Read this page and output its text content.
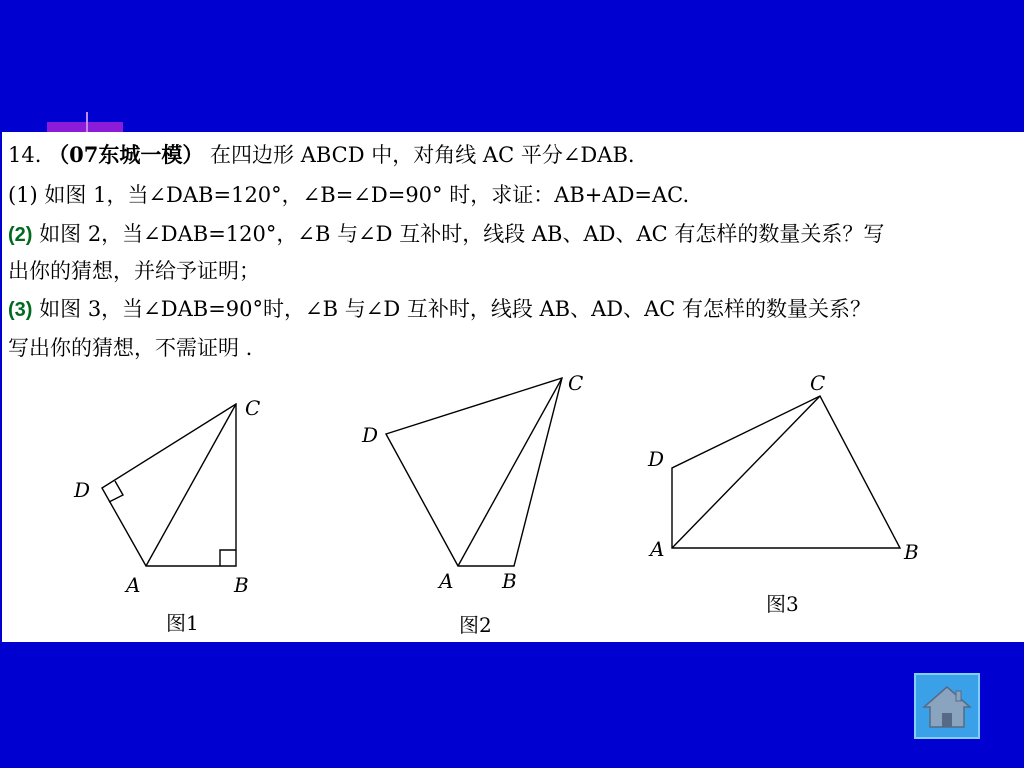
14. （07东城一模） 在四边形 ABCD 中，对角线 AC 平分∠DAB.
(1) 如图 1，当∠DAB=120°，∠B=∠D=90° 时，求证：AB+AD=AC.
(2) 如图 2，当∠DAB=120°，∠B 与∠D 互补时，线段 AB、AD、AC 有怎样的数量关系？写
出你的猜想，并给予证明；
(3) 如图 3，当∠DAB=90°时，∠B 与∠D 互补时，线段 AB、AD、AC 有怎样的数量关系？
写出你的猜想，不需证明 .
C
D
A	B
图1
C
D
A B
图2
C
D
A	B
图3
